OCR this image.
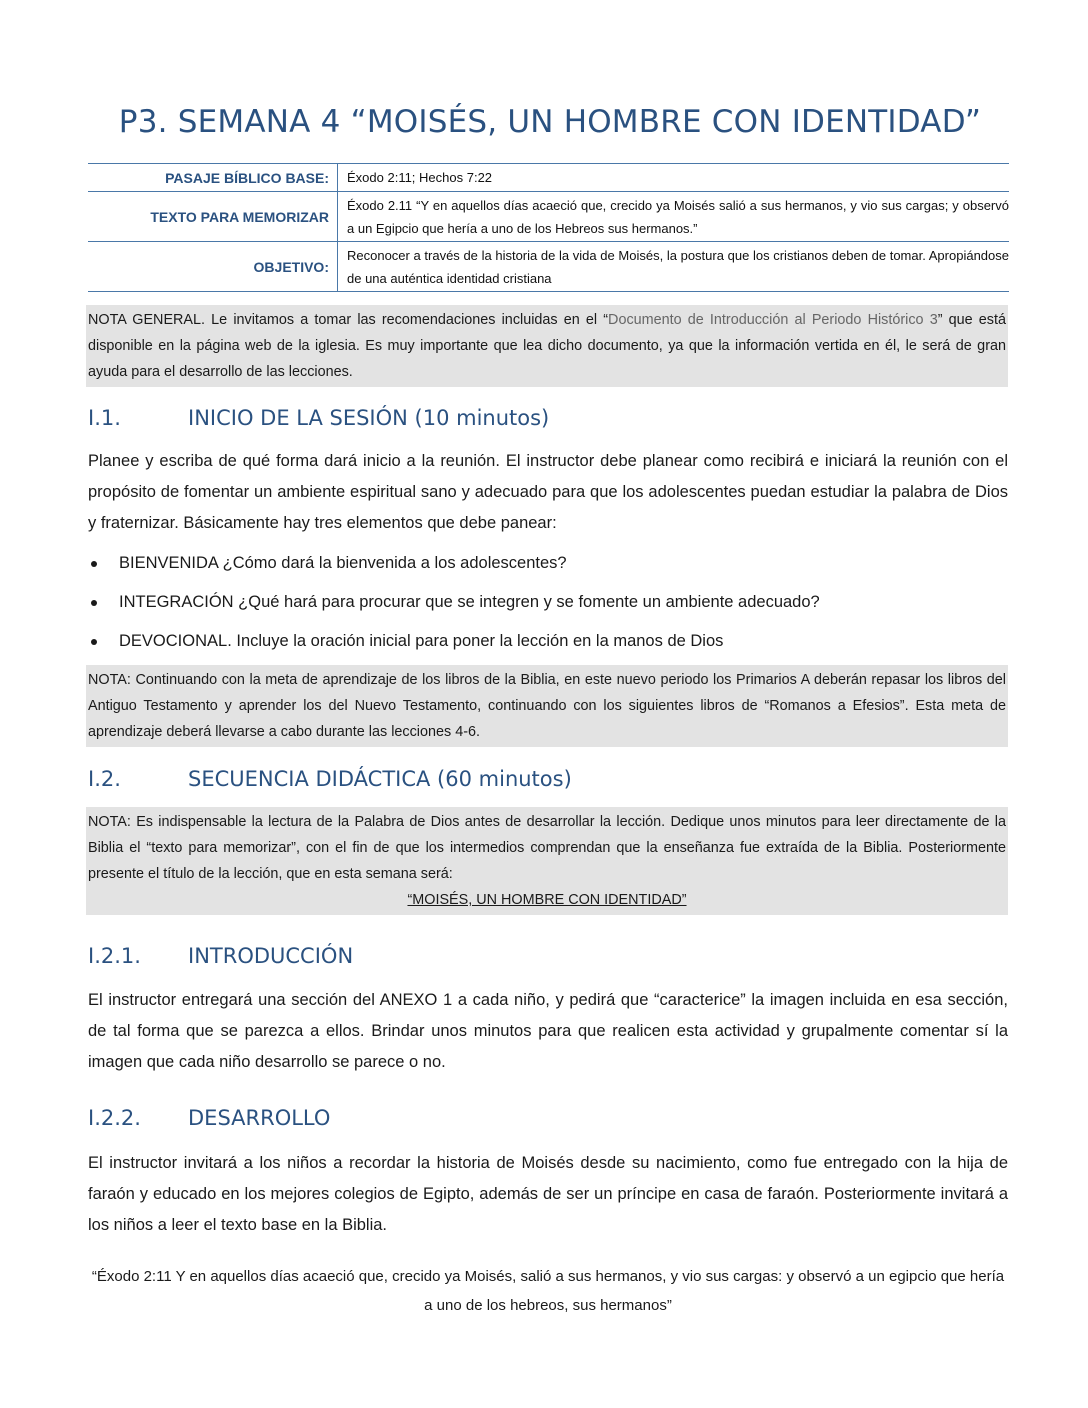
P3. SEMANA 4 “MOISÉS, UN HOMBRE CON IDENTIDAD”
PASAJE BÍBLICO BASE:	Éxodo 2:11; Hechos 7:22
TEXTO PARA MEMORIZAR	Éxodo 2.11 “Y en aquellos días acaeció que, crecido ya Moisés salió a sus hermanos, y vio sus cargas; y observó a un Egipcio que hería a uno de los Hebreos sus hermanos.”
OBJETIVO:	Reconocer a través de la historia de la vida de Moisés, la postura que los cristianos deben de tomar. Apropiándose de una auténtica identidad cristiana
NOTA GENERAL. Le invitamos a tomar las recomendaciones incluidas en el “Documento de Introducción al Periodo Histórico 3” que está disponible en la página web de la iglesia. Es muy importante que lea dicho documento, ya que la información vertida en él, le será de gran ayuda para el desarrollo de las lecciones.
I.1.	INICIO DE LA SESIÓN (10 minutos)
Planee y escriba de qué forma dará inicio a la reunión. El instructor debe planear como recibirá e iniciará la reunión con el propósito de fomentar un ambiente espiritual sano y adecuado para que los adolescentes puedan estudiar la palabra de Dios y fraternizar. Básicamente hay tres elementos que debe panear:
BIENVENIDA ¿Cómo dará la bienvenida a los adolescentes?
INTEGRACIÓN ¿Qué hará para procurar que se integren y se fomente un ambiente adecuado?
DEVOCIONAL. Incluye la oración inicial para poner la lección en la manos de Dios
NOTA: Continuando con la meta de aprendizaje de los libros de la Biblia, en este nuevo periodo los Primarios A deberán repasar los libros del Antiguo Testamento y aprender los del Nuevo Testamento, continuando con los siguientes libros de “Romanos a Efesios”. Esta meta de aprendizaje deberá llevarse a cabo durante las lecciones 4-6.
I.2.	SECUENCIA DIDÁCTICA (60 minutos)
NOTA: Es indispensable la lectura de la Palabra de Dios antes de desarrollar la lección. Dedique unos minutos para leer directamente de la Biblia el “texto para memorizar”, con el fin de que los intermedios comprendan que la enseñanza fue extraída de la Biblia. Posteriormente presente el título de la lección, que en esta semana será:
“MOISÉS, UN HOMBRE CON IDENTIDAD”
I.2.1. INTRODUCCIÓN
El instructor entregará una sección del ANEXO 1 a cada niño, y pedirá que “caracterice” la imagen incluida en esa sección, de tal forma que se parezca a ellos. Brindar unos minutos para que realicen esta actividad y grupalmente comentar sí la imagen que cada niño desarrollo se parece o no.
I.2.2. DESARROLLO
El instructor invitará a los niños a recordar la historia de Moisés desde su nacimiento, como fue entregado con la hija de faraón y educado en los mejores colegios de Egipto, además de ser un príncipe en casa de faraón. Posteriormente invitará a los niños a leer el texto base en la Biblia.
“Éxodo 2:11 Y en aquellos días acaeció que, crecido ya Moisés, salió a sus hermanos, y vio sus cargas: y observó a un egipcio que hería a uno de los hebreos, sus hermanos”
